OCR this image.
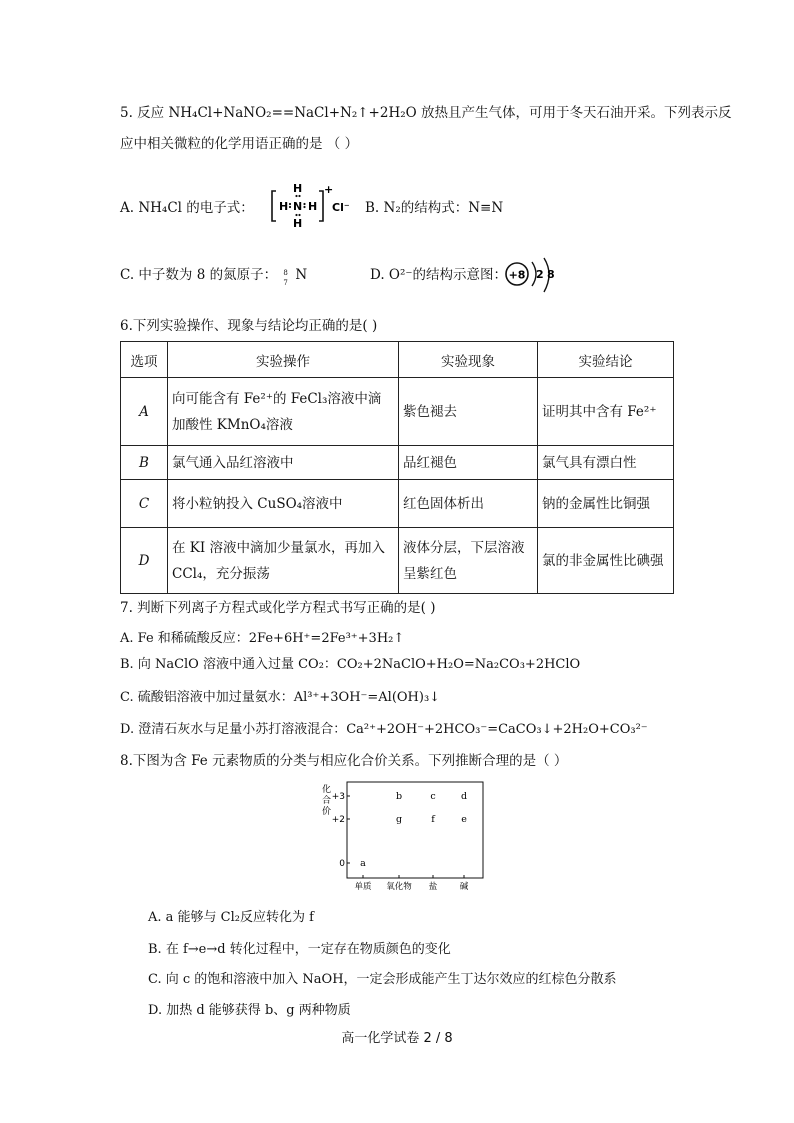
5. 反应 NH₄Cl+NaNO₂==NaCl+N₂↑+2H₂O 放热且产生气体，可用于冬天石油开采。下列表示反
应中相关微粒的化学用语正确的是 （ ）
A. NH₄Cl 的电子式：
H
H N H
H
+
Cl⁻ B. N₂的结构式：N≡N
C. 中子数为 8 的氮原子： 8
7 N	D. O²⁻的结构示意图： +8 2 8
6.下列实验操作、现象与结论均正确的是( )
选项	实验操作	实验现象	实验结论
A	向可能含有 Fe²⁺的 FeCl₃溶液中滴加酸性 KMnO₄溶液	紫色褪去	证明其中含有 Fe²⁺
B	氯气通入品红溶液中	品红褪色	氯气具有漂白性
C	将小粒钠投入 CuSO₄溶液中	红色固体析出	钠的金属性比铜强
D	在 KI 溶液中滴加少量氯水，再加入 CCl₄，充分振荡	液体分层，下层溶液呈紫红色	氯的非金属性比碘强
7. 判断下列离子方程式或化学方程式书写正确的是( )
A. Fe 和稀硫酸反应：2Fe+6H⁺=2Fe³⁺+3H₂↑
B. 向 NaClO 溶液中通入过量 CO₂：CO₂+2NaClO+H₂O=Na₂CO₃+2HClO
C. 硫酸铝溶液中加过量氨水：Al³⁺+3OH⁻=Al(OH)₃↓
D. 澄清石灰水与足量小苏打溶液混合：Ca²⁺+2OH⁻+2HCO₃⁻=CaCO₃↓+2H₂O+CO₃²⁻
8.下图为含 Fe 元素物质的分类与相应化合价关系。下列推断合理的是（ ）
化
合
价
+3
+2
0
单质 氧化物 盐	碱
a
b	c	d
g	f	e
A. a 能够与 Cl₂反应转化为 f
B. 在 f→e→d 转化过程中，一定存在物质颜色的变化
C. 向 c 的饱和溶液中加入 NaOH，一定会形成能产生丁达尔效应的红棕色分散系
D. 加热 d 能够获得 b、g 两种物质
高一化学试卷 2 / 8
